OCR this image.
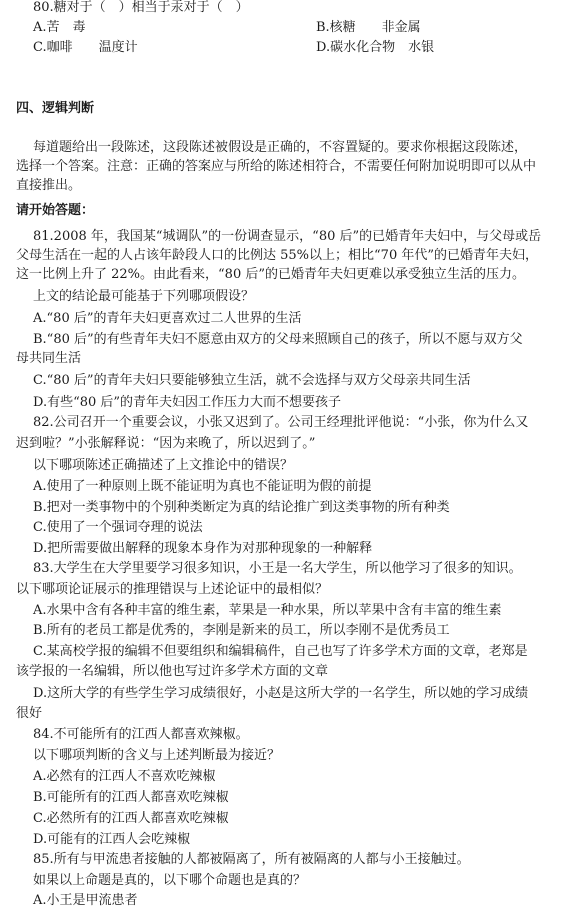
80.糖对于（　）相当于汞对于（　）
A.苦　毒	B.核糖　　非金属
C.咖啡　　温度计	D.碳水化合物　水银
四、逻辑判断
每道题给出一段陈述，这段陈述被假设是正确的，不容置疑的。要求你根据这段陈述，
选择一个答案。注意：正确的答案应与所给的陈述相符合，不需要任何附加说明即可以从中
直接推出。
请开始答题：
81.2008 年，我国某“城调队”的一份调查显示，“80 后”的已婚青年夫妇中，与父母或岳
父母生活在一起的人占该年龄段人口的比例达 55%以上；相比“70 年代”的已婚青年夫妇，
这一比例上升了 22%。由此看来，“80 后”的已婚青年夫妇更难以承受独立生活的压力。
上文的结论最可能基于下列哪项假设？
A.“80 后”的青年夫妇更喜欢过二人世界的生活
B.“80 后”的有些青年夫妇不愿意由双方的父母来照顾自己的孩子，所以不愿与双方父
母共同生活
C.“80 后”的青年夫妇只要能够独立生活，就不会选择与双方父母亲共同生活
D.有些“80 后”的青年夫妇因工作压力大而不想要孩子
82.公司召开一个重要会议，小张又迟到了。公司王经理批评他说：“小张，你为什么又
迟到啦？”小张解释说：“因为来晚了，所以迟到了。”
以下哪项陈述正确描述了上文推论中的错误？
A.使用了一种原则上既不能证明为真也不能证明为假的前提
B.把对一类事物中的个别种类断定为真的结论推广到这类事物的所有种类
C.使用了一个强词夺理的说法
D.把所需要做出解释的现象本身作为对那种现象的一种解释
83.大学生在大学里要学习很多知识，小王是一名大学生，所以他学习了很多的知识。
以下哪项论证展示的推理错误与上述论证中的最相似？
A.水果中含有各种丰富的维生素，苹果是一种水果，所以苹果中含有丰富的维生素
B.所有的老员工都是优秀的，李刚是新来的员工，所以李刚不是优秀员工
C.某高校学报的编辑不但要组织和编辑稿件，自己也写了许多学术方面的文章，老郑是
该学报的一名编辑，所以他也写过许多学术方面的文章
D.这所大学的有些学生学习成绩很好，小赵是这所大学的一名学生，所以她的学习成绩
很好
84.不可能所有的江西人都喜欢辣椒。
以下哪项判断的含义与上述判断最为接近？
A.必然有的江西人不喜欢吃辣椒
B.可能所有的江西人都喜欢吃辣椒
C.必然所有的江西人都喜欢吃辣椒
D.可能有的江西人会吃辣椒
85.所有与甲流患者接触的人都被隔离了，所有被隔离的人都与小王接触过。
如果以上命题是真的，以下哪个命题也是真的？
A.小王是甲流患者
